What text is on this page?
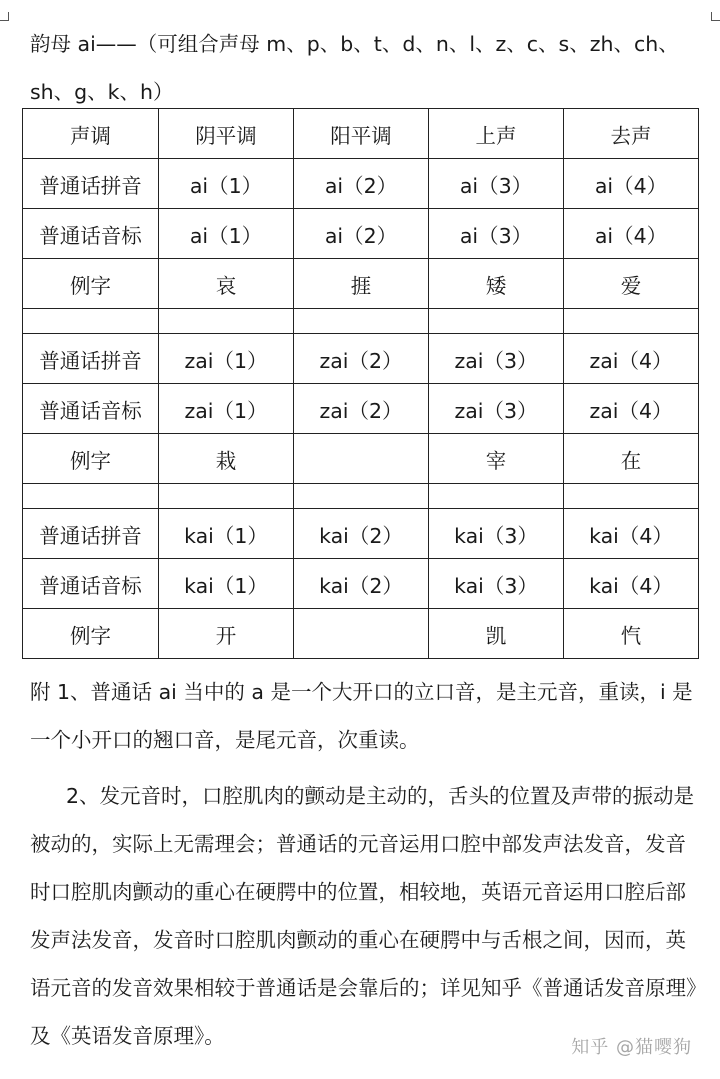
韵母 ai——（可组合声母 m、p、b、t、d、n、l、z、c、s、zh、ch、
sh、g、k、h）
声调	阴平调	阳平调	上声	去声
普通话拼音	ai（1）	ai（2）	ai（3）	ai（4）
普通话音标	ai（1）	ai（2）	ai（3）	ai（4）
例字	哀	捱	矮	爱

普通话拼音	zai（1）	zai（2）	zai（3）	zai（4）
普通话音标	zai（1）	zai（2）	zai（3）	zai（4）
例字	栽		宰	在

普通话拼音	kai（1）	kai（2）	kai（3）	kai（4）
普通话音标	kai（1）	kai（2）	kai（3）	kai（4）
例字	开		凯	忾

附 1、普通话 ai 当中的 a 是一个大开口的立口音，是主元音，重读，i 是一个小开口的翘口音，是尾元音，次重读。

2、发元音时，口腔肌肉的颤动是主动的，舌头的位置及声带的振动是被动的，实际上无需理会；普通话的元音运用口腔中部发声法发音，发音时口腔肌肉颤动的重心在硬腭中的位置，相较地，英语元音运用口腔后部发声法发音，发音时口腔肌肉颤动的重心在硬腭中与舌根之间，因而，英语元音的发音效果相较于普通话是会靠后的；详见知乎《普通话发音原理》及《英语发音原理》。	知乎 @猫嘤狗
